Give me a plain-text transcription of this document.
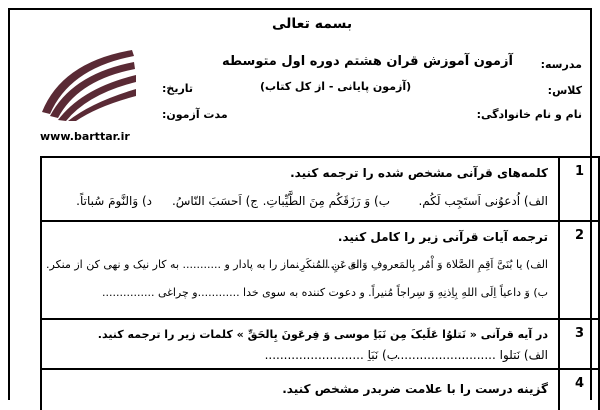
بسمه تعالی
آزمون آموزش قران هشتم دوره اول متوسطه
(آزمون پایانی - از کل کتاب)
مدرسه:
کلاس:
نام و نام خانوادگی:
تاریخ:
مدت آزمون:
www.barttar.ir
1
کلمه‌های قرآنی مشخص شده را ترجمه کنید.
الف) اُدعوُنی اَستَجِب لَکُم.
ب) وَ رَزَقَکُم مِنَ الطَّیِّباتِ.
ج) اَحسَبَ النّاسُ.
د) وَالنَّومَ سُباتاً.
2
ترجمه آیات قرآنی زیر را کامل کنید.
الف) یا بُنَیَّ اَقِمِ الصَّلاهَ وَ اْمُر بِالمَعروفِ وَانهَ عَنِ المُنکَرِ.
ای ............ نماز را به پادار و ........... به کار نیک و نهی کن از منکر.
ب) وَ داعیاً اِلَی اللهِ بِاِذنِهِ وَ سِراجاً مُنیراً.
و دعوت کننده به سوی خدا ............و چراغی ...............
3
در آیه قرآنی « نَتلوُا عَلَیکَ مِن نَبَاِ موسی وَ فِرعَونَ بِالحَقِّ » کلمات زیر را ترجمه کنید.
الف) نَتلوا ..........................
ب) نَبَاِ ..........................
4
گزینه درست را با علامت ضربدر مشخص کنید.
